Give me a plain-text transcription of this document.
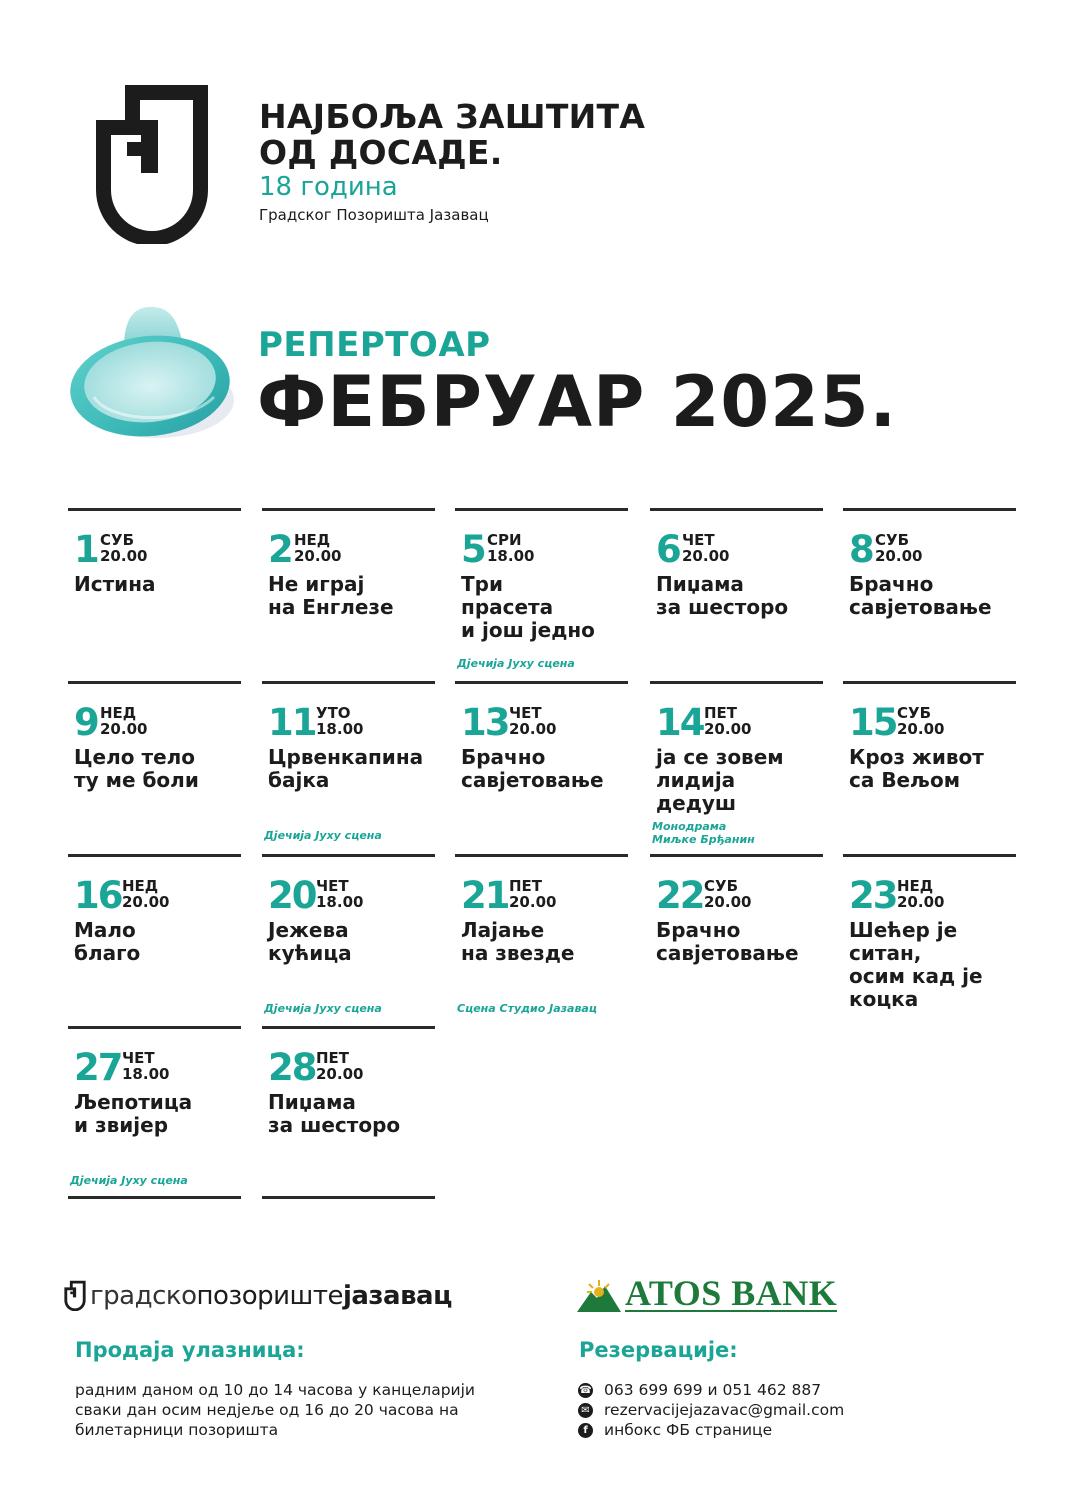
НАЈБОЉА ЗАШТИТА
ОД ДОСАДЕ.
18 година
Градског Позоришта Јазавац
РЕПЕРТОАР
ФЕБРУАР 2025.
1 СУБ
20.00
Истина
2 НЕД
20.00
Не играј
на Енглезе
5 СРИ
18.00
Три
прасета
и још једно
Дјечија Јуху сцена
6 ЧЕТ
20.00
Пиџама
за шесторо
8 СУБ
20.00
Брачно
савјетовање
9 НЕД
20.00
Цело тело
ту ме боли
11 УТО
18.00
Црвенкапина
бајка
Дјечија Јуху сцена
13 ЧЕТ
20.00
Брачно
савјетовање
14 ПЕТ
20.00
ја се зовем
лидија
дедуш
Монодрама
Миљке Брђанин
15 СУБ
20.00
Кроз живот
са Вељом
16 НЕД
20.00
Мало
благо
20 ЧЕТ
18.00
Јежева
кућица
Дјечија Јуху сцена
21 ПЕТ
20.00
Лајање
на звезде
Сцена Студио Јазавац
22 СУБ
20.00
Брачно
савјетовање
23 НЕД
20.00
Шећер је
ситан,
осим кад је
коцка
27 ЧЕТ
18.00
Љепотица
и звијер
Дјечија Јуху сцена
28 ПЕТ
20.00
Пиџама
за шесторо
градскопозориштејазавац	ATOS BANK
Продаја улазница:
радним даном од 10 до 14 часова у канцеларији
сваки дан осим недјеље од 16 до 20 часова на
билетарници позоришта
Резервације:
☎ 063 699 699 и 051 462 887
✉ rezervacijejazavac@gmail.com
f	инбокс ФБ странице
